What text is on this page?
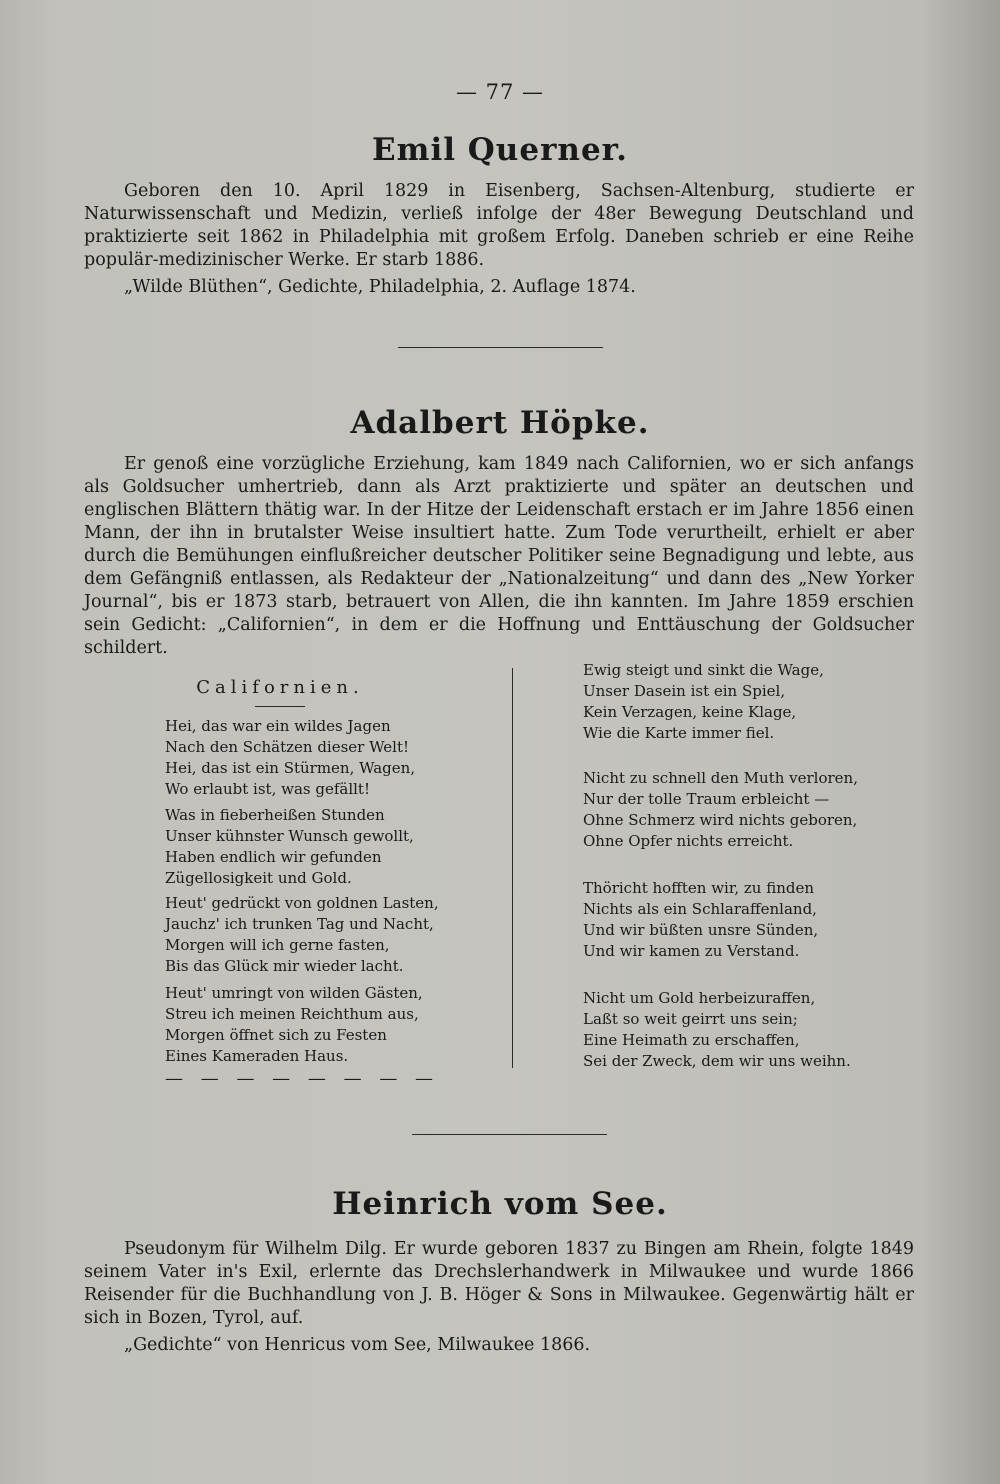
— 77 —
Emil Querner.

Geboren den 10. April 1829 in Eisenberg, Sachsen-Altenburg, studierte er Naturwissenschaft und Medizin, verließ infolge der 48er Bewegung Deutschland und praktizierte seit 1862 in Philadelphia mit großem Erfolg. Daneben schrieb er eine Reihe populär-medizinischer Werke. Er starb 1886.

„Wilde Blüthen“, Gedichte, Philadelphia, 2. Auflage 1874.

Adalbert Höpke.

Er genoß eine vorzügliche Erziehung, kam 1849 nach Californien, wo er sich anfangs als Goldsucher umhertrieb, dann als Arzt praktizierte und später an deutschen und englischen Blättern thätig war. In der Hitze der Leidenschaft erstach er im Jahre 1856 einen Mann, der ihn in brutalster Weise insultiert hatte. Zum Tode verurtheilt, erhielt er aber durch die Bemühungen einflußreicher deutscher Politiker seine Begnadigung und lebte, aus dem Gefängniß entlassen, als Redakteur der „Nationalzeitung“ und dann des „New Yorker Journal“, bis er 1873 starb, betrauert von Allen, die ihn kannten. Im Jahre 1859 erschien sein Gedicht: „Californien“, in dem er die Hoffnung und Enttäuschung der Goldsucher schildert.

Californien.
Hei, das war ein wildes Jagen
Nach den Schätzen dieser Welt!
Hei, das ist ein Stürmen, Wagen,
Wo erlaubt ist, was gefällt!
Was in fieberheißen Stunden
Unser kühnster Wunsch gewollt,
Haben endlich wir gefunden
Zügellosigkeit und Gold.
Heut' gedrückt von goldnen Lasten,
Jauchz' ich trunken Tag und Nacht,
Morgen will ich gerne fasten,
Bis das Glück mir wieder lacht.
Heut' umringt von wilden Gästen,
Streu ich meinen Reichthum aus,
Morgen öffnet sich zu Festen
Eines Kameraden Haus.
— — — — — — — —
Ewig steigt und sinkt die Wage,
Unser Dasein ist ein Spiel,
Kein Verzagen, keine Klage,
Wie die Karte immer fiel.
Nicht zu schnell den Muth verloren,
Nur der tolle Traum erbleicht —
Ohne Schmerz wird nichts geboren,
Ohne Opfer nichts erreicht.
Thöricht hofften wir, zu finden
Nichts als ein Schlaraffenland,
Und wir büßten unsre Sünden,
Und wir kamen zu Verstand.
Nicht um Gold herbeizuraffen,
Laßt so weit geirrt uns sein;
Eine Heimath zu erschaffen,
Sei der Zweck, dem wir uns weihn.
Heinrich vom See.

Pseudonym für Wilhelm Dilg. Er wurde geboren 1837 zu Bingen am Rhein, folgte 1849 seinem Vater in's Exil, erlernte das Drechslerhandwerk in Milwaukee und wurde 1866 Reisender für die Buchhandlung von J. B. Höger & Sons in Milwaukee. Gegenwärtig hält er sich in Bozen, Tyrol, auf.

„Gedichte“ von Henricus vom See, Milwaukee 1866.
